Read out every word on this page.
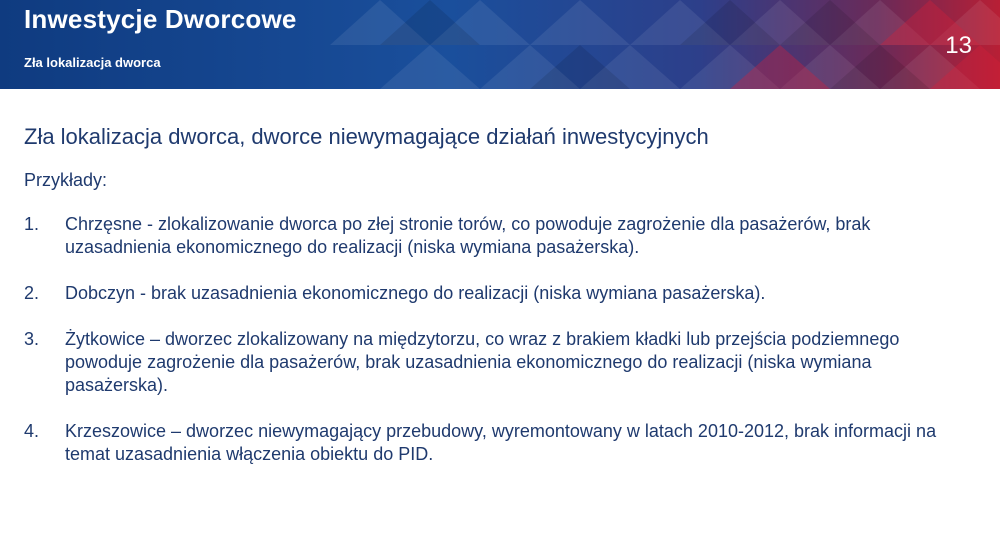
Inwestycje Dworcowe
Zła lokalizacja dworca
13
Zła lokalizacja dworca, dworce niewymagające działań inwestycyjnych
Przykłady:
1.	Chrzęsne - zlokalizowanie dworca po złej stronie torów, co powoduje zagrożenie dla pasażerów, brak uzasadnienia ekonomicznego do realizacji (niska wymiana pasażerska).
2.	Dobczyn - brak uzasadnienia ekonomicznego do realizacji (niska wymiana pasażerska).
3.	Żytkowice – dworzec zlokalizowany na międzytorzu, co wraz z brakiem kładki lub przejścia podziemnego powoduje zagrożenie dla pasażerów, brak uzasadnienia ekonomicznego do realizacji (niska wymiana pasażerska).
4.	Krzeszowice – dworzec niewymagający przebudowy, wyremontowany w latach 2010-2012, brak informacji na temat uzasadnienia włączenia obiektu do PID.
